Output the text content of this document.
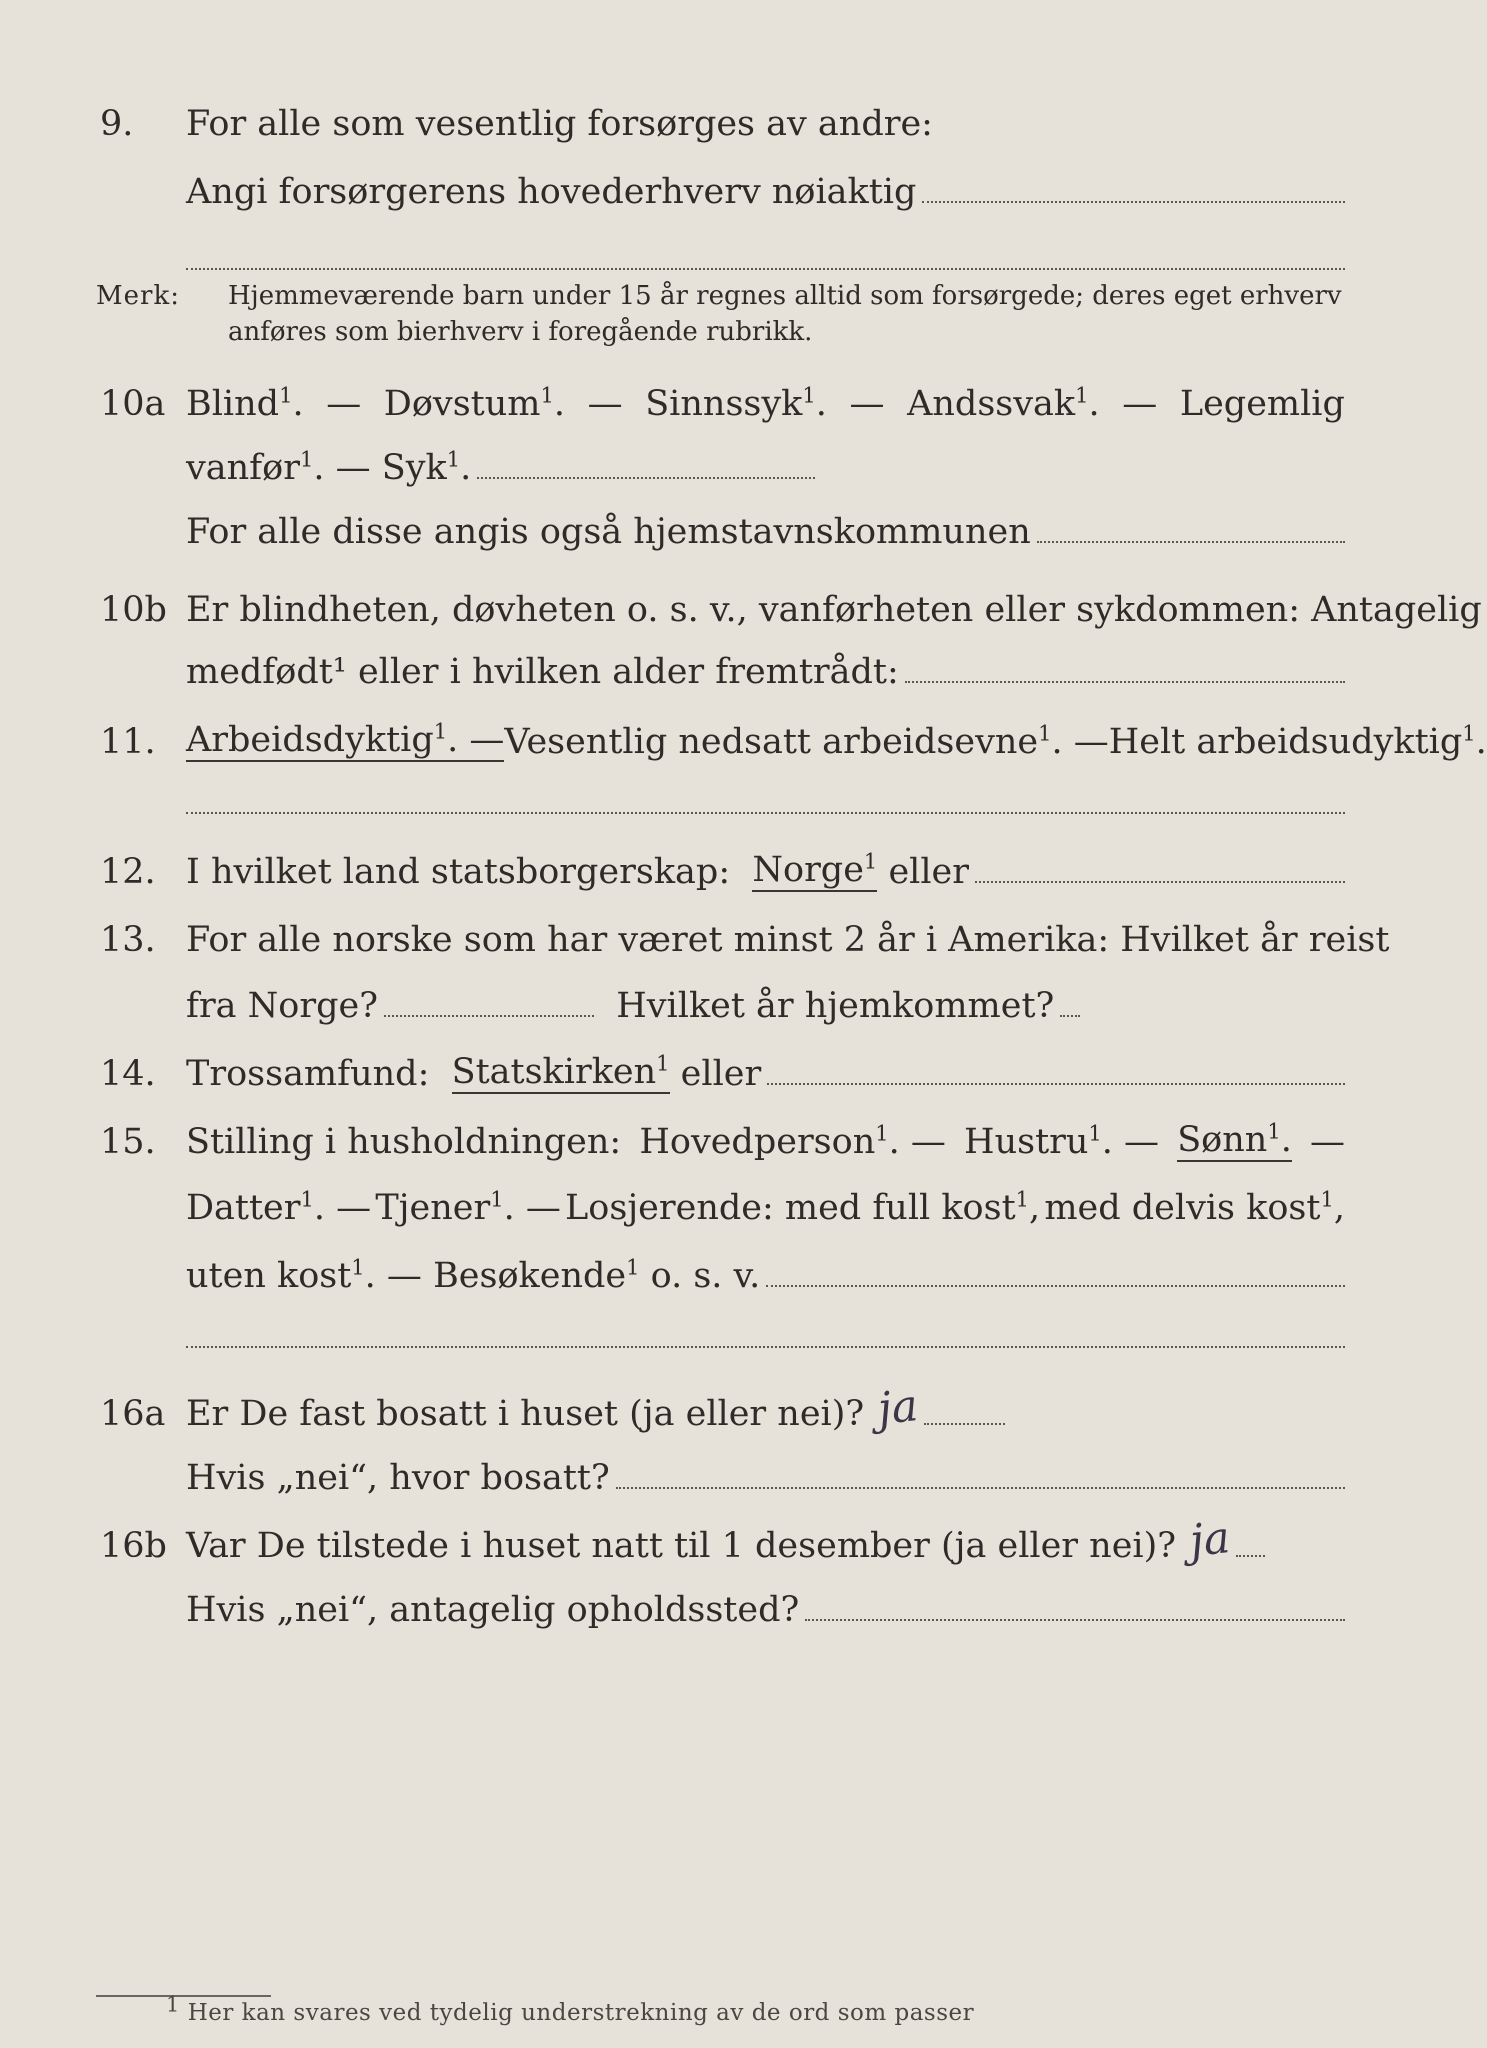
9.	For alle som vesentlig forsørges av andre:
Angi forsørgerens hovederhverv nøiaktig
Merk: Hjemmeværende barn under 15 år regnes alltid som forsørgede; deres eget erhverv anføres som bierhverv i foregående rubrikk.
10a Blind$^1$. — Døvstum$^1$. — Sinnssyk$^1$. — Andssvak$^1$. — Legemlig
vanfør$^1$. — Syk$^1$.
For alle disse angis også hjemstavnskommunen
10b Er blindheten, døvheten o. s. v., vanførheten eller sykdommen: Antagelig
medfødt¹ eller i hvilken alder fremtrådt:
11. Arbeidsdyktig$^1$. — Vesentlig nedsatt arbeidsevne$^1$. — Helt arbeidsudyktig$^1$.
12. I hvilket land statsborgerskap:
Norge$^1$
eller
13. For alle norske som har været minst 2 år i Amerika: Hvilket år reist
fra Norge?
	Hvilket år hjemkommet?
14. Trossamfund:
Statskirken$^1$
eller
15. Stilling i husholdningen: Hovedperson$^1$. — Hustru$^1$. — Sønn$^1$. —
Datter$^1$. — Tjener$^1$. — Losjerende: med full kost$^1$, med delvis kost$^1$,
uten kost$^1$. — Besøkende$^1$
o. s. v.
16a Er De fast bosatt i huset (ja eller nei)? ja
Hvis „nei“, hvor bosatt?
16b Var De tilstede i huset natt til 1 desember (ja eller nei)? ja
Hvis „nei“, antagelig opholdssted?
1 Her kan svares ved tydelig understrekning av de ord som passer
